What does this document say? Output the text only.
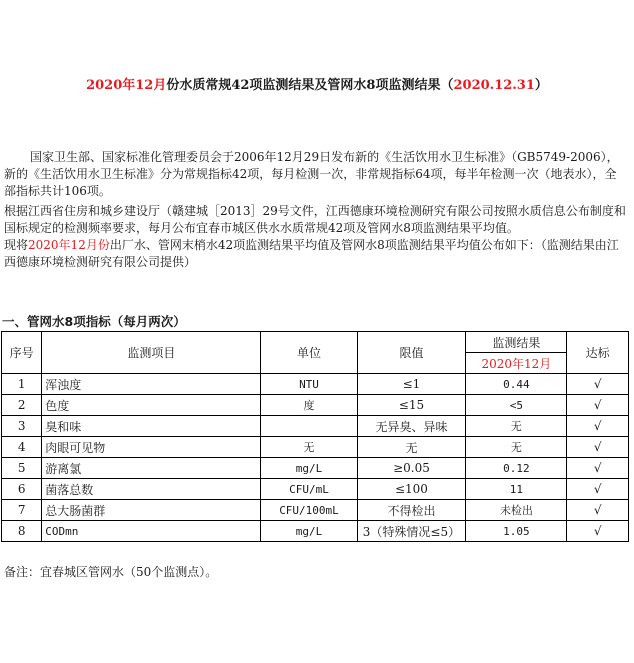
2020年12月份水质常规42项监测结果及管网水8项监测结果（2020.12.31）
国家卫生部、国家标准化管理委员会于2006年12月29日发布新的《生活饮用水卫生标准》（GB5749-2006），新的《生活饮用水卫生标准》分为常规指标42项，每月检测一次，非常规指标64项，每半年检测一次（地表水），全部指标共计106项。
根据江西省住房和城乡建设厅（赣建城［2013］29号文件，江西德康环境检测研究有限公司按照水质信息公布制度和国标规定的检测频率要求，每月公布宜春市城区供水水质常规42项及管网水8项监测结果平均值。
现将2020年12月份出厂水、管网末梢水42项监测结果平均值及管网水8项监测结果平均值公布如下：（监测结果由江西德康环境检测研究有限公司提供）
一、管网水8项指标（每月两次）
序号	监测项目	单位	限值	监测结果	达标
				2020年12月	
1	浑浊度	NTU	≤1	0.44	√
2	色度	度	≤15	<5	√
3	臭和味		无异臭、异味	无	√
4	肉眼可见物	无	无	无	√
5	游离氯	mg/L	≥0.05	0.12	√
6	菌落总数	CFU/mL	≤100	11	√
7	总大肠菌群	CFU/100mL	不得检出	未检出	√
8	CODmn	mg/L	3（特殊情况≤5）	1.05	√
备注：宜春城区管网水（50个监测点）。
